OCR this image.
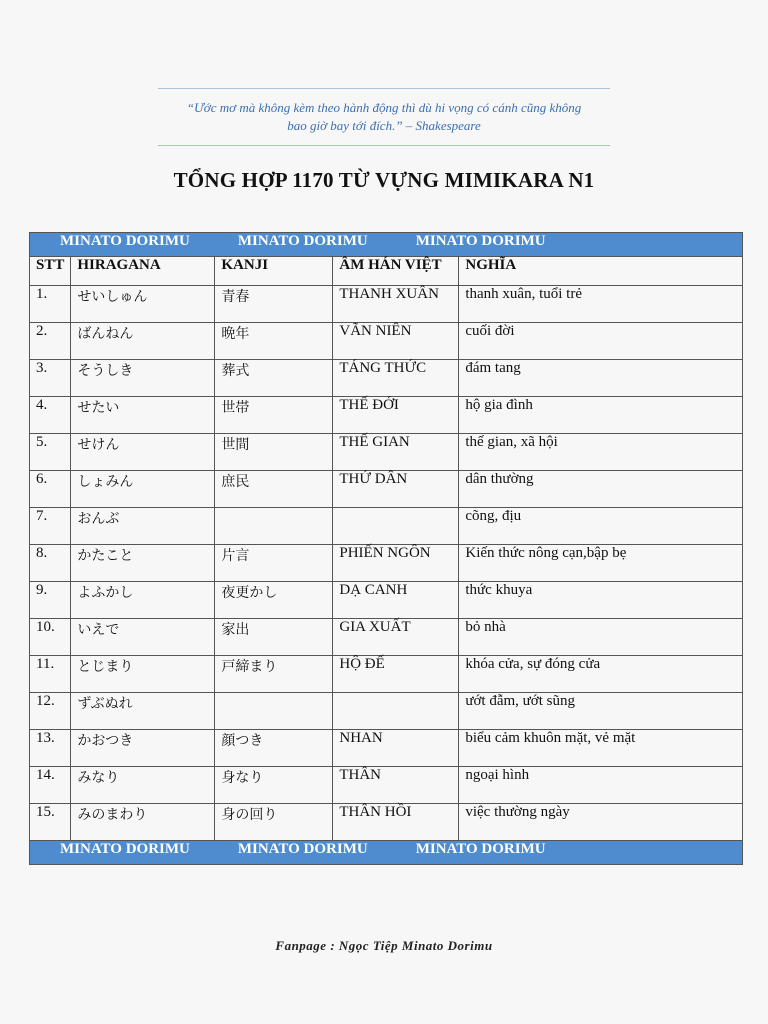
“Ước mơ mà không kèm theo hành động thì dù hi vọng có cánh cũng không
bao giờ bay tới đích.” – Shakespeare
TỔNG HỢP 1170 TỪ VỰNG MIMIKARA N1
MINATO DORIMU MINATO DORIMU MINATO DORIMU				
STT	HIRAGANA	KANJI	ÂM HÁN VIỆT	NGHĨA
1.	せいしゅん	青春	THANH XUÂN	thanh xuân, tuổi trẻ
2.	ばんねん	晩年	VÃN NIÊN	cuối đời
3.	そうしき	葬式	TÁNG THỨC	đám tang
4.	せたい	世帯	THẾ ĐỚI	hộ gia đình
5.	せけん	世間	THẾ GIAN	thế gian, xã hội
6.	しょみん	庶民	THỨ DÂN	dân thường
7.	おんぶ			cõng, địu
8.	かたこと	片言	PHIẾN NGÔN	Kiến thức nông cạn,bập bẹ
9.	よふかし	夜更かし	DẠ CANH	thức khuya
10.	いえで	家出	GIA XUẤT	bỏ nhà
11.	とじまり	戸締まり	HỘ ĐẾ	khóa cửa, sự đóng cửa
12.	ずぶぬれ			ướt đẫm, ướt sũng
13.	かおつき	顔つき	NHAN	biểu cảm khuôn mặt, vẻ mặt
14.	みなり	身なり	THÂN	ngoại hình
15.	みのまわり	身の回り	THÂN HỒI	việc thường ngày
MINATO DORIMU MINATO DORIMU MINATO DORIMU				
Fanpage : Ngọc Tiệp Minato Dorimu
